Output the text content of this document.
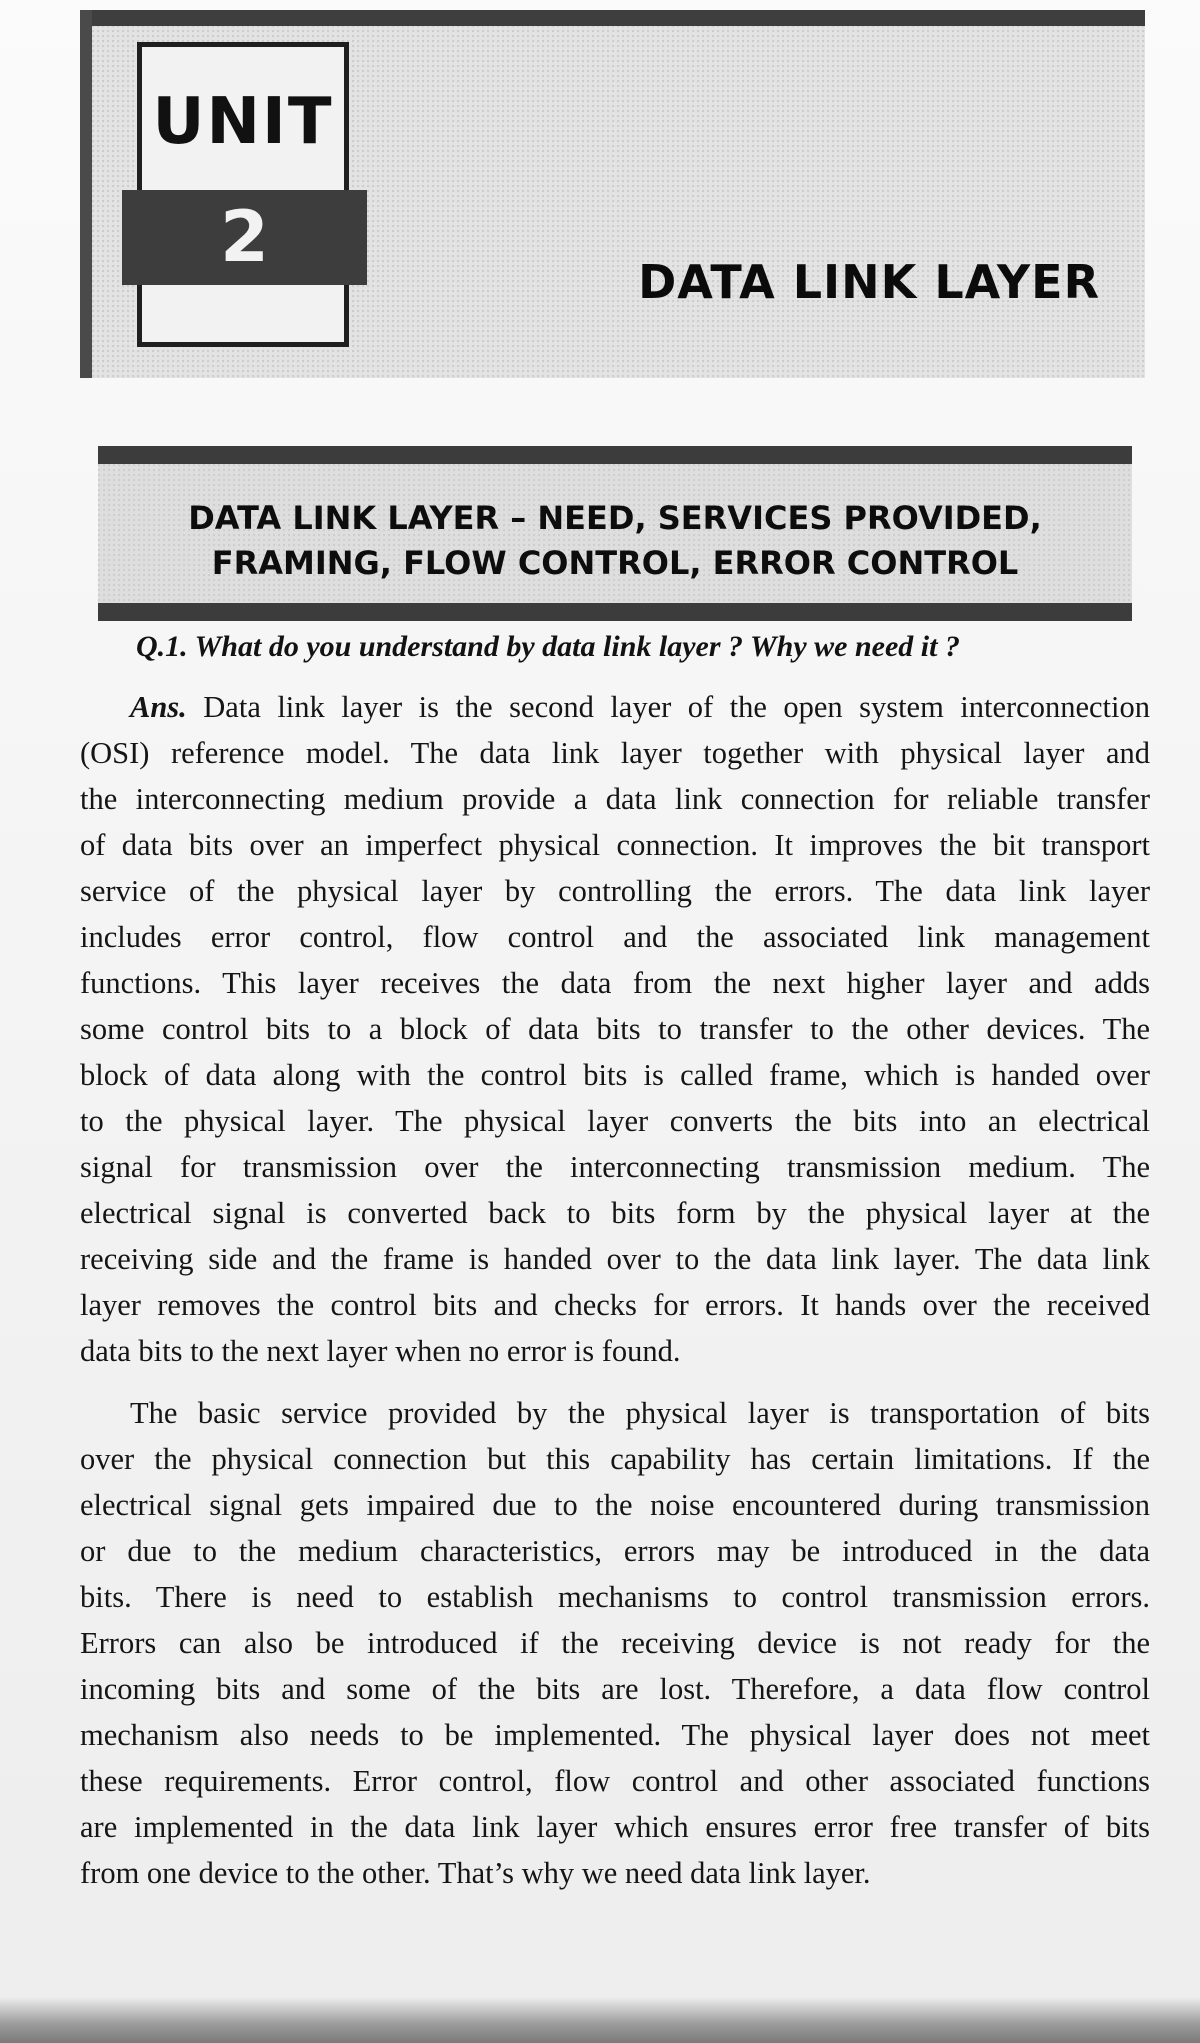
UNIT
2
DATA LINK LAYER
DATA LINK LAYER – NEED, SERVICES PROVIDED,
FRAMING, FLOW CONTROL, ERROR CONTROL
Q.1. What do you understand by data link layer ? Why we need it ?
Ans. Data link layer is the second layer of the open system interconnection
(OSI) reference model. The data link layer together with physical layer and
the interconnecting medium provide a data link connection for reliable transfer
of data bits over an imperfect physical connection. It improves the bit transport
service of the physical layer by controlling the errors. The data link layer
includes error control, flow control and the associated link management
functions. This layer receives the data from the next higher layer and adds
some control bits to a block of data bits to transfer to the other devices. The
block of data along with the control bits is called frame, which is handed over
to the physical layer. The physical layer converts the bits into an electrical
signal for transmission over the interconnecting transmission medium. The
electrical signal is converted back to bits form by the physical layer at the
receiving side and the frame is handed over to the data link layer. The data link
layer removes the control bits and checks for errors. It hands over the received
data bits to the next layer when no error is found.
The basic service provided by the physical layer is transportation of bits
over the physical connection but this capability has certain limitations. If the
electrical signal gets impaired due to the noise encountered during transmission
or due to the medium characteristics, errors may be introduced in the data
bits. There is need to establish mechanisms to control transmission errors.
Errors can also be introduced if the receiving device is not ready for the
incoming bits and some of the bits are lost. Therefore, a data flow control
mechanism also needs to be implemented. The physical layer does not meet
these requirements. Error control, flow control and other associated functions
are implemented in the data link layer which ensures error free transfer of bits
from one device to the other. That’s why we need data link layer.
